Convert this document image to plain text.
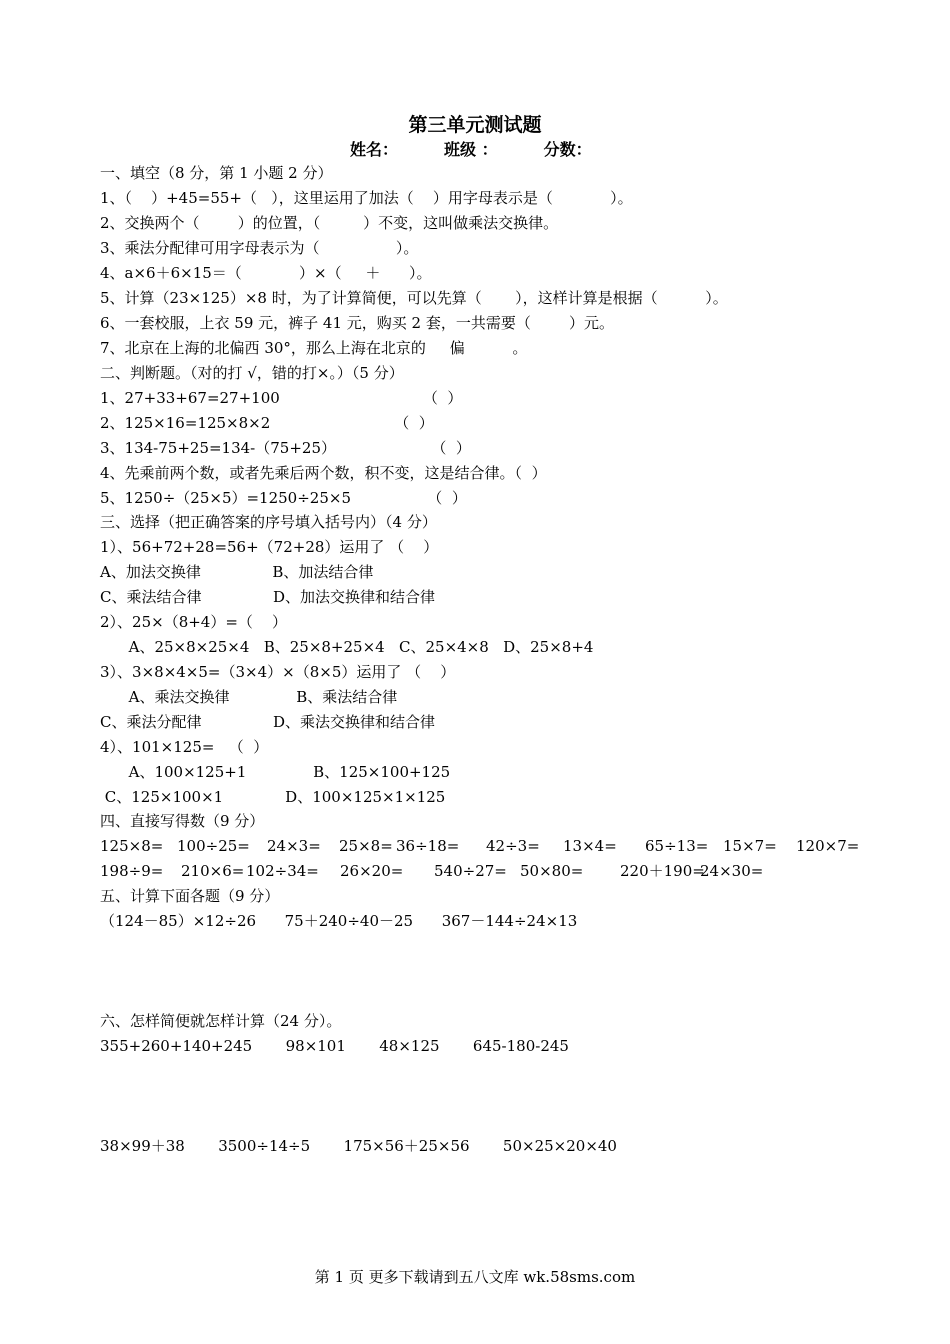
第三单元测试题
姓名：	班级 ：	分数：
一、填空（8 分，第 1 小题 2 分）
1、（    ）+45=55+（   ），这里运用了加法（    ）用字母表示是（            ）。
2、交换两个（        ）的位置，（         ）不变，这叫做乘法交换律。
3、乘法分配律可用字母表示为（                ）。
4、a×6＋6×15＝（            ）×（     ＋      ）。
5、计算（23×125）×8 时，为了计算简便，可以先算（       ），这样计算是根据（          ）。
6、一套校服，上衣 59 元，裤子 41 元，购买 2 套，一共需要（        ）元。
7、北京在上海的北偏西 30°，那么上海在北京的     偏          。
二、判断题。（对的打 √，错的打×。）（5 分）
1、27+33+67=27+100                              （  ）
2、125×16=125×8×2                          （  ）
3、134-75+25=134-（75+25）                    （  ）
4、先乘前两个数，或者先乘后两个数，积不变，这是结合律。（  ）
5、1250÷（25×5）=1250÷25×5                （  ）
三、选择（把正确答案的序号填入括号内）（4 分）
1）、56+72+28=56+（72+28）运用了 （    ）
A、加法交换律               B、加法结合律
C、乘法结合律               D、加法交换律和结合律
2）、25×（8+4）=（    ）
A、25×8×25×4   B、25×8+25×4   C、25×4×8   D、25×8+4
3）、3×8×4×5=（3×4）×（8×5）运用了 （    ）
A、乘法交换律              B、乘法结合律
C、乘法分配律               D、乘法交换律和结合律
4）、101×125=   （  ）
A、100×125+1              B、125×100+125
C、125×100×1             D、100×125×1×125
四、直接写得数（9 分）
125×8= 100÷25= 24×3= 25×8= 36÷18= 42÷3= 13×4= 65÷13= 15×7= 120×7=
198÷9= 210×6= 102÷34= 26×20= 540÷27= 50×80= 220＋190=
24×30=
五、计算下面各题（9 分）
（124－85）×12÷26      75＋240÷40－25      367－144÷24×13
六、怎样简便就怎样计算（24 分）。
355+260+140+245       98×101       48×125       645-180-245
38×99＋38       3500÷14÷5       175×56＋25×56       50×25×20×40
第 1 页 更多下载请到五八文库 wk.58sms.com
